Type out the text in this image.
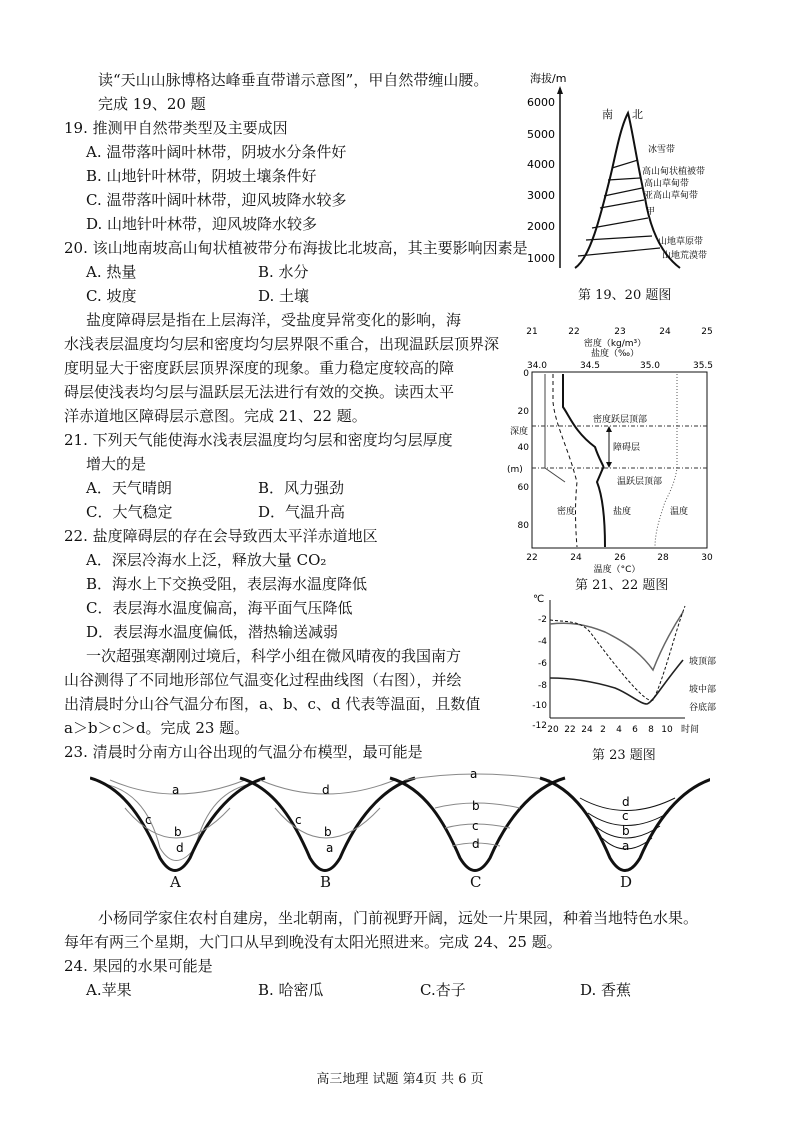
读“天山山脉博格达峰垂直带谱示意图”，甲自然带缠山腰。
完成 19、20 题
19. 推测甲自然带类型及主要成因
A. 温带落叶阔叶林带，阴坡水分条件好
B. 山地针叶林带，阴坡土壤条件好
C. 温带落叶阔叶林带，迎风坡降水较多
D. 山地针叶林带，迎风坡降水较多
20. 该山地南坡高山甸状植被带分布海拔比北坡高，其主要影响因素是
A. 热量	B. 水分
C. 坡度	D. 土壤
盐度障碍层是指在上层海洋，受盐度异常变化的影响，海
水浅表层温度均匀层和密度均匀层界限不重合，出现温跃层顶界深
度明显大于密度跃层顶界深度的现象。重力稳定度较高的障
碍层使浅表均匀层与温跃层无法进行有效的交换。读西太平
洋赤道地区障碍层示意图。完成 21、22 题。
21. 下列天气能使海水浅表层温度均匀层和密度均匀层厚度
增大的是
A．天气晴朗	B．风力强劲
C．大气稳定	D．气温升高
22. 盐度障碍层的存在会导致西太平洋赤道地区
A．深层冷海水上泛，释放大量 CO₂
B．海水上下交换受阻，表层海水温度降低
C．表层海水温度偏高，海平面气压降低
D．表层海水温度偏低，潜热输送减弱
一次超强寒潮刚过境后，科学小组在微风晴夜的我国南方
山谷测得了不同地形部位气温变化过程曲线图（右图），并绘
出清晨时分山谷气温分布图，a、b、c、d 代表等温面，且数值
a＞b＞c＞d。完成 23 题。
23. 清晨时分南方山谷出现的气温分布模型，最可能是
a
c
b
d
d
c
b
a
a
b
c
d
d
c
b
a
A	B	C	D
小杨同学家住农村自建房，坐北朝南，门前视野开阔，远处一片果园，种着当地特色水果。
每年有两三个星期，大门口从早到晚没有太阳光照进来。完成 24、25 题。
24. 果园的水果可能是
A.苹果	B. 哈密瓜	C.杏子	D. 香蕉
海拔/m
6000
5000
4000
3000
2000
1000
南 北
冰雪带
高山甸状植被带
高山草甸带
亚高山草甸带
甲
山地草原带
山地荒漠带
第 19、20 题图
21	22	23	24	25
密度（kg/m³）
盐度（‰）
34.0	34.5	35.0	35.5
0
20
40
60
80
深度
(m)
密度跃层顶部
障碍层
温跃层顶部
密度	盐度	温度
22	24	26	28	30
温度（°C）
第 21、22 题图
℃
-2
-4
-6
-8
-10
-12
坡顶部
坡中部
谷底部
20 22 24 2 4 6 8 10 时间
第 23 题图
高三地理 试题 第4页 共 6 页
